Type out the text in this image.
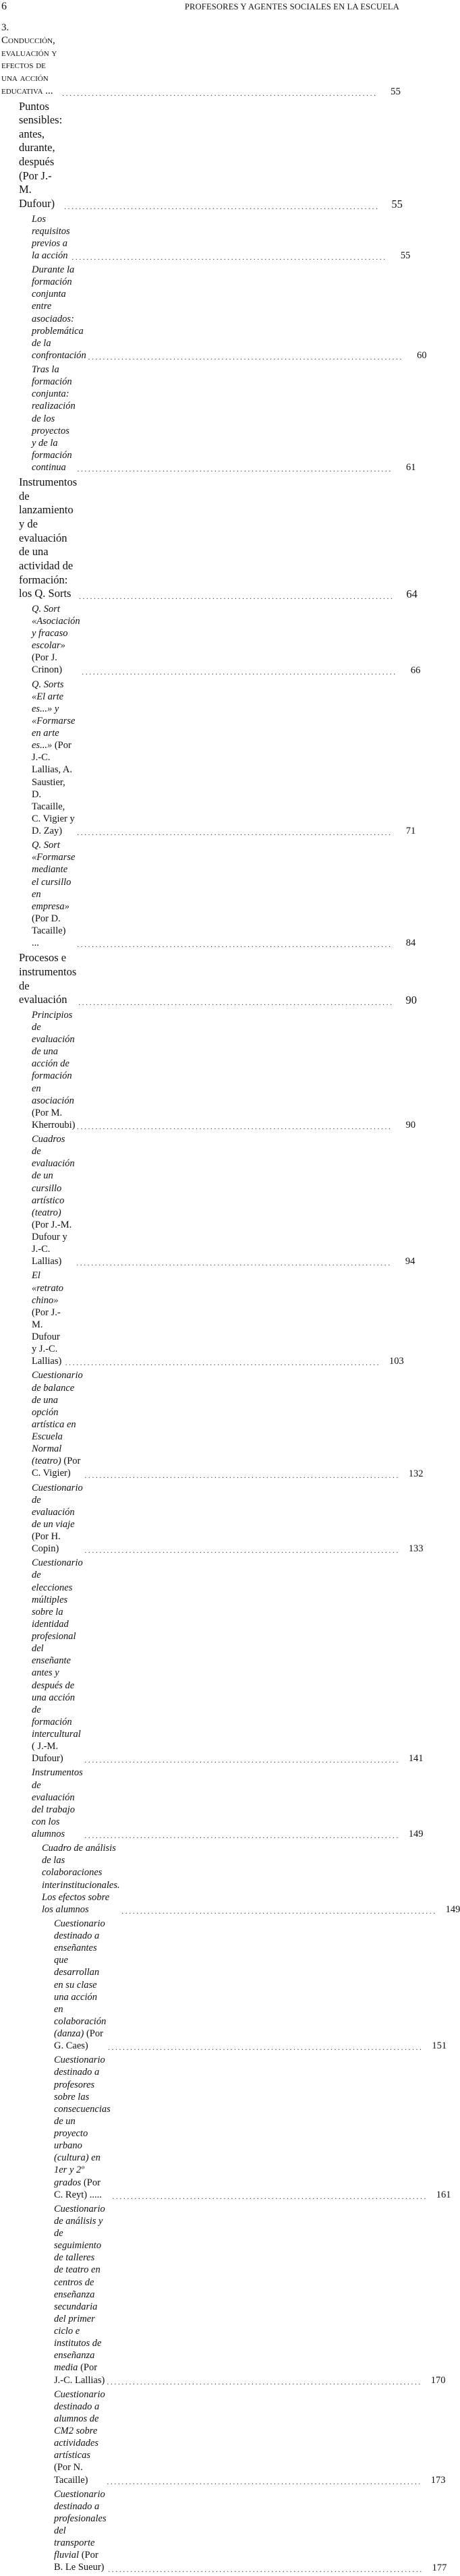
6	PROFESORES Y AGENTES SOCIALES EN LA ESCUELA
3. Conducción, evaluación y efectos de una acción educativa ...	. . . . . . . . . . . . . . . . . . . . . . . . . . . . . . . . . . . . . . . . . . . . . . . . . . . . . . . . . . . . . . . . . . . . . . . . . . . . . . . . . . . . .	55
Puntos sensibles: antes, durante, después (Por J.-M. Dufour)	. . . . . . . . . . . . . . . . . . . . . . . . . . . . . . . . . . . . . . . . . . . . . . . . . . . . . . . . . . . . . . . . . . . . . . . . . . . . . . . . . . . . .	55
Los requisitos previos a la acción . . . . . . . . . . . . . . . . . . . . . . . . . . . . . . . . . . . . . . . . . . . . . . . . . . . . . . . . . . . . . . . . . . . . . . . . . . . . . . . . . . . . .	55
Durante la formación conjunta entre asociados: problemática de la confrontación . . . . . . . . . . . . . . . . . . . . . . . . . . . . . . . . . . . . . . . . . . . . . . . . . . . . . . . . . . . . . . . . . . . . . . . . . . . . . . . . . . . . .	60
Tras la formación conjunta: realización de los proyectos y de la formación continua	. . . . . . . . . . . . . . . . . . . . . . . . . . . . . . . . . . . . . . . . . . . . . . . . . . . . . . . . . . . . . . . . . . . . . . . . . . . . . . . . . . . . .	61
Instrumentos de lanzamiento y de evaluación de una actividad de formación: los Q. Sorts	. . . . . . . . . . . . . . . . . . . . . . . . . . . . . . . . . . . . . . . . . . . . . . . . . . . . . . . . . . . . . . . . . . . . . . . . . . . . . . . . . . . . .	64
Q. Sort «Asociación y fracaso escolar» (Por J. Crinon)	. . . . . . . . . . . . . . . . . . . . . . . . . . . . . . . . . . . . . . . . . . . . . . . . . . . . . . . . . . . . . . . . . . . . . . . . . . . . . . . . . . . . .	66
Q. Sorts «El arte es...» y «Formarse en arte es...» (Por J.-C. Lallias, A. Saustier, D. Tacaille, C. Vigier y D. Zay)	. . . . . . . . . . . . . . . . . . . . . . . . . . . . . . . . . . . . . . . . . . . . . . . . . . . . . . . . . . . . . . . . . . . . . . . . . . . . . . . . . . . . .	71
Q. Sort «Formarse mediante el cursillo en empresa» (Por D. Tacaille) ...	. . . . . . . . . . . . . . . . . . . . . . . . . . . . . . . . . . . . . . . . . . . . . . . . . . . . . . . . . . . . . . . . . . . . . . . . . . . . . . . . . . . . .	84
Procesos e instrumentos de evaluación	. . . . . . . . . . . . . . . . . . . . . . . . . . . . . . . . . . . . . . . . . . . . . . . . . . . . . . . . . . . . . . . . . . . . . . . . . . . . . . . . . . . . .	90
Principios de evaluación de una acción de formación en asociación (Por M. Kherroubi) . . . . . . . . . . . . . . . . . . . . . . . . . . . . . . . . . . . . . . . . . . . . . . . . . . . . . . . . . . . . . . . . . . . . . . . . . . . . . . . . . . . . .	90
Cuadros de evaluación de un cursillo artístico (teatro) (Por J.-M. Dufour y J.-C. Lallias)	. . . . . . . . . . . . . . . . . . . . . . . . . . . . . . . . . . . . . . . . . . . . . . . . . . . . . . . . . . . . . . . . . . . . . . . . . . . . . . . . . . . . .	94
El «retrato chino» (Por J.-M. Dufour y J.-C. Lallias) . . . . . . . . . . . . . . . . . . . . . . . . . . . . . . . . . . . . . . . . . . . . . . . . . . . . . . . . . . . . . . . . . . . . . . . . . . . . . . . . . . . . .	103
Cuestionario de balance de una opción artística en Escuela Normal (teatro) (Por C. Vigier)	. . . . . . . . . . . . . . . . . . . . . . . . . . . . . . . . . . . . . . . . . . . . . . . . . . . . . . . . . . . . . . . . . . . . . . . . . . . . . . . . . . . . .	132
Cuestionario de evaluación de un viaje (Por H. Copin)	. . . . . . . . . . . . . . . . . . . . . . . . . . . . . . . . . . . . . . . . . . . . . . . . . . . . . . . . . . . . . . . . . . . . . . . . . . . . . . . . . . . . .	133
Cuestionario de elecciones múltiples sobre la identidad profesional del enseñante antes y después de una acción de formación intercultural ( J.-M. Dufour)	. . . . . . . . . . . . . . . . . . . . . . . . . . . . . . . . . . . . . . . . . . . . . . . . . . . . . . . . . . . . . . . . . . . . . . . . . . . . . . . . . . . . .	141
Instrumentos de evaluación del trabajo con los alumnos	. . . . . . . . . . . . . . . . . . . . . . . . . . . . . . . . . . . . . . . . . . . . . . . . . . . . . . . . . . . . . . . . . . . . . . . . . . . . . . . . . . . . .	149
Cuadro de análisis de las colaboraciones interinstitucionales. Los efectos sobre los alumnos	. . . . . . . . . . . . . . . . . . . . . . . . . . . . . . . . . . . . . . . . . . . . . . . . . . . . . . . . . . . . . . . . . . . . . . . . . . . . . . . . . . . . .	149
Cuestionario destinado a enseñantes que desarrollan en su clase una acción en colaboración (danza) (Por G. Caes)	. . . . . . . . . . . . . . . . . . . . . . . . . . . . . . . . . . . . . . . . . . . . . . . . . . . . . . . . . . . . . . . . . . . . . . . . . . . . . . . . . . . . .	151
Cuestionario destinado a profesores sobre las consecuencias de un proyecto urbano (cultura) en 1er y 2º grados (Por C. Reyt) .....	. . . . . . . . . . . . . . . . . . . . . . . . . . . . . . . . . . . . . . . . . . . . . . . . . . . . . . . . . . . . . . . . . . . . . . . . . . . . . . . . . . . . .	161
Cuestionario de análisis y de seguimiento de talleres de teatro en centros de enseñanza secundaria del primer ciclo e institutos de enseñanza media (Por J.-C. Lallias) . . . . . . . . . . . . . . . . . . . . . . . . . . . . . . . . . . . . . . . . . . . . . . . . . . . . . . . . . . . . . . . . . . . . . . . . . . . . . . . . . . . . .	170
Cuestionario destinado a alumnos de CM2 sobre actividades artísticas (Por N. Tacaille)	. . . . . . . . . . . . . . . . . . . . . . . . . . . . . . . . . . . . . . . . . . . . . . . . . . . . . . . . . . . . . . . . . . . . . . . . . . . . . . . . . . . . .	173
Cuestionario destinado a profesionales del transporte fluvial (Por B. Le Sueur) . . . . . . . . . . . . . . . . . . . . . . . . . . . . . . . . . . . . . . . . . . . . . . . . . . . . . . . . . . . . . . . . . . . . . . . . . . . . . . . . . . . . .	177
